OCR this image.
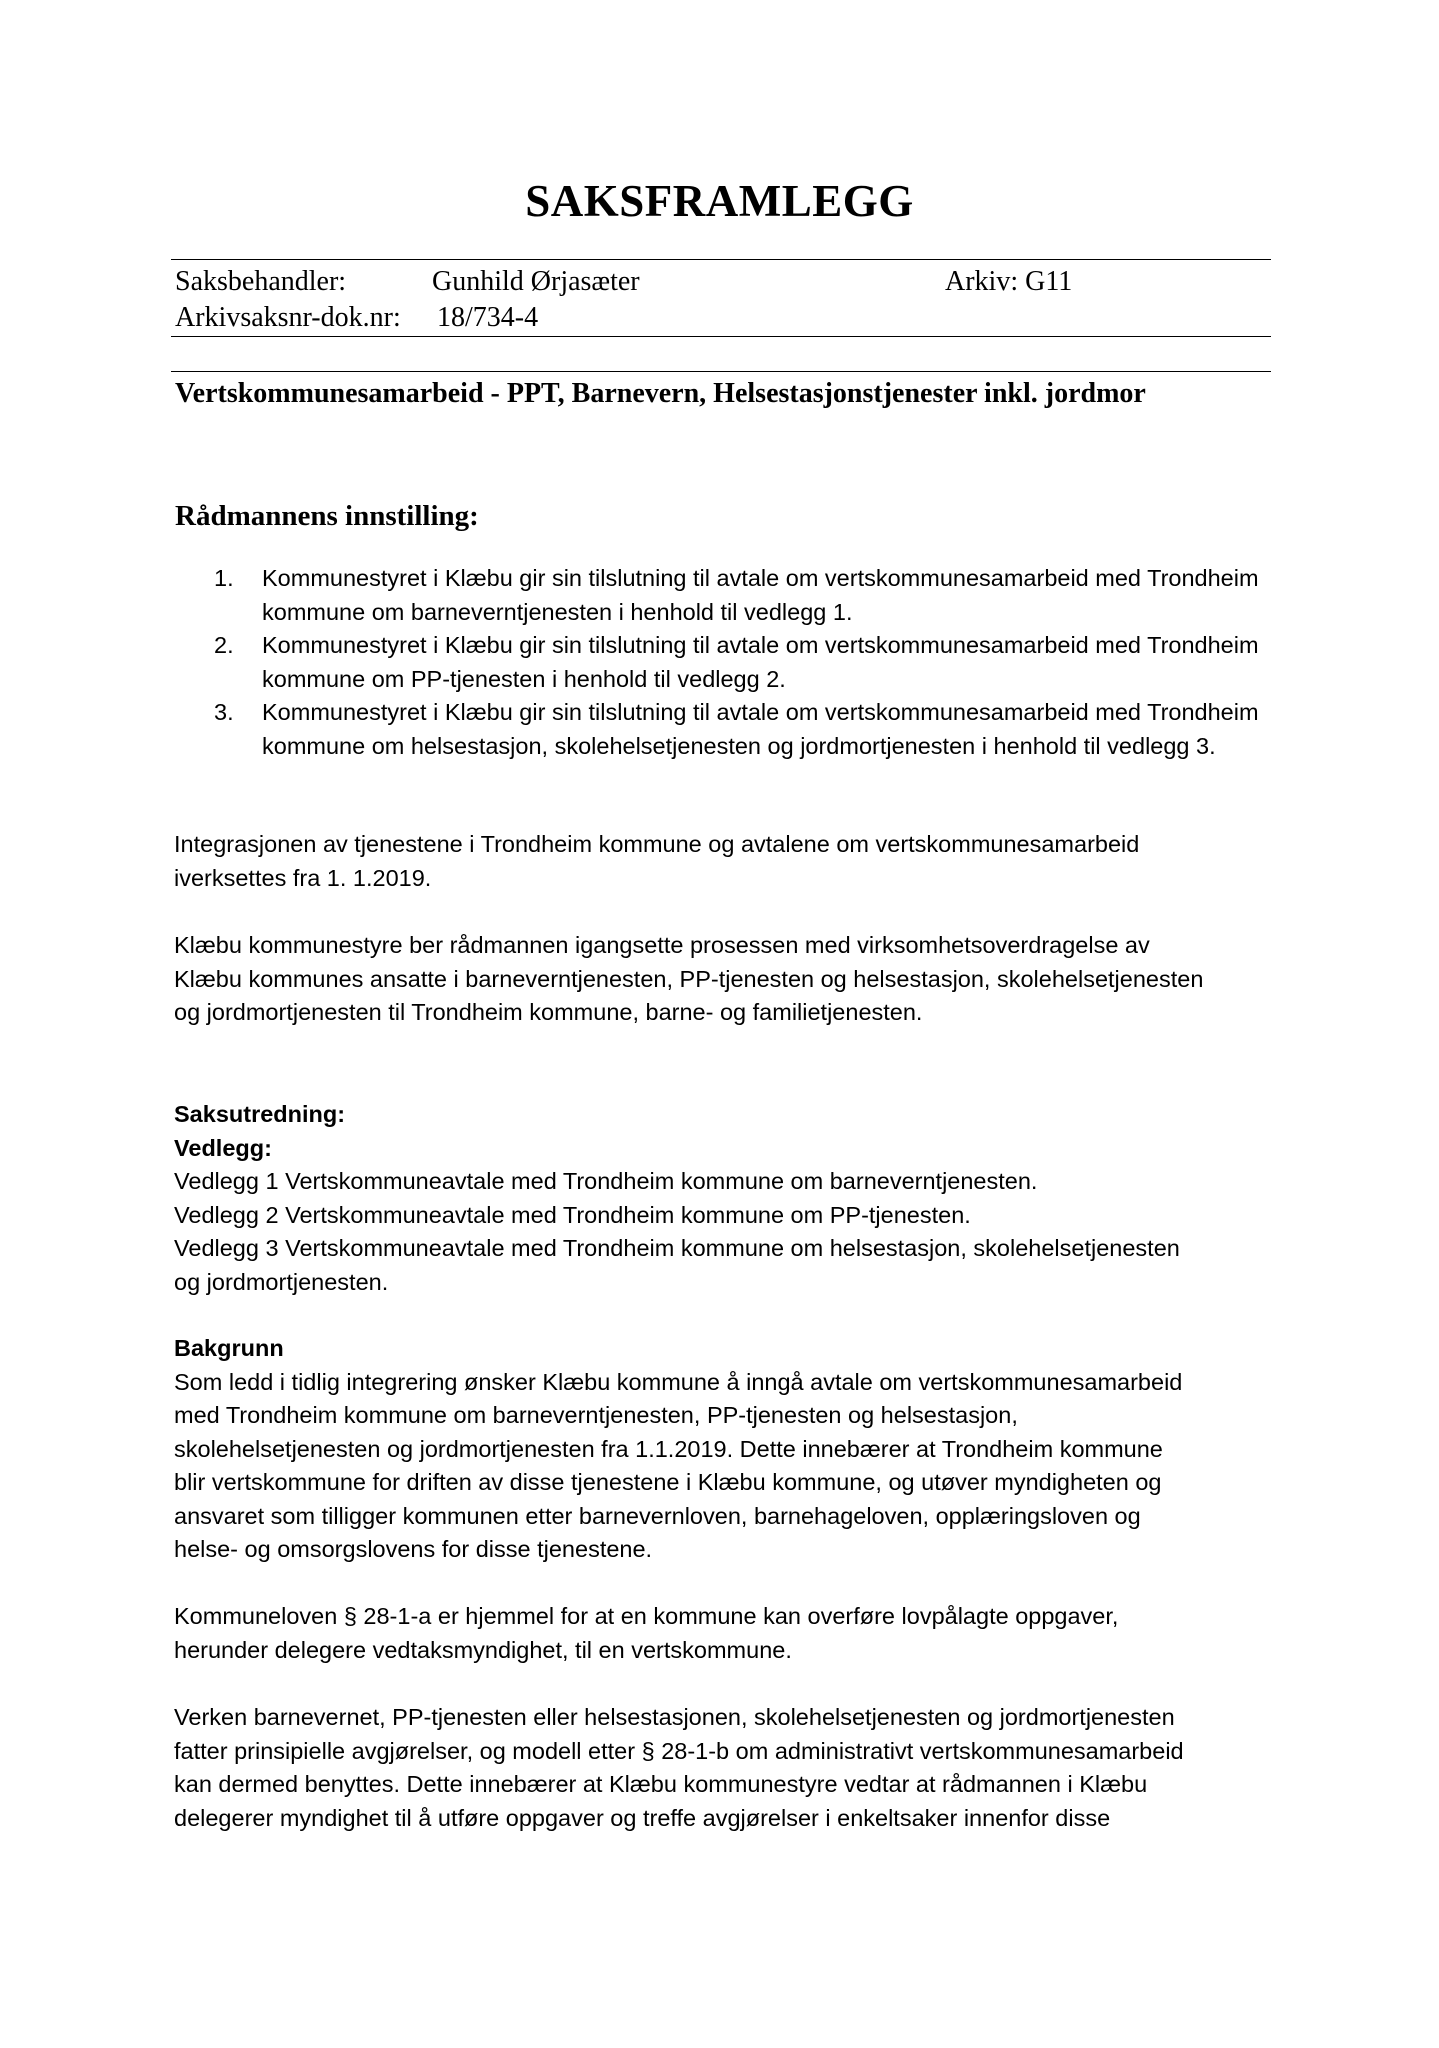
SAKSFRAMLEGG
Saksbehandler:	Gunhild Ørjasæter	Arkiv: G11
Arkivsaksnr-dok.nr: 18/734-4
Vertskommunesamarbeid - PPT, Barnevern, Helsestasjonstjenester inkl. jordmor
Rådmannens innstilling:
1. Kommunestyret i Klæbu gir sin tilslutning til avtale om vertskommunesamarbeid med Trondheim kommune om barneverntjenesten i henhold til vedlegg 1.
2. Kommunestyret i Klæbu gir sin tilslutning til avtale om vertskommunesamarbeid med Trondheim kommune om PP-tjenesten i henhold til vedlegg 2.
3. Kommunestyret i Klæbu gir sin tilslutning til avtale om vertskommunesamarbeid med Trondheim kommune om helsestasjon, skolehelsetjenesten og jordmortjenesten i henhold til vedlegg 3.

Integrasjonen av tjenestene i Trondheim kommune og avtalene om vertskommunesamarbeid

iverksettes fra 1. 1.2019.

Klæbu kommunestyre ber rådmannen igangsette prosessen med virksomhetsoverdragelse av

Klæbu kommunes ansatte i barneverntjenesten, PP-tjenesten og helsestasjon, skolehelsetjenesten

og jordmortjenesten til Trondheim kommune, barne- og familietjenesten.

Saksutredning:

Vedlegg:

Vedlegg 1 Vertskommuneavtale med Trondheim kommune om barneverntjenesten.

Vedlegg 2 Vertskommuneavtale med Trondheim kommune om PP-tjenesten.

Vedlegg 3 Vertskommuneavtale med Trondheim kommune om helsestasjon, skolehelsetjenesten

og jordmortjenesten.

Bakgrunn

Som ledd i tidlig integrering ønsker Klæbu kommune å inngå avtale om vertskommunesamarbeid

med Trondheim kommune om barneverntjenesten, PP-tjenesten og helsestasjon,

skolehelsetjenesten og jordmortjenesten fra 1.1.2019. Dette innebærer at Trondheim kommune

blir vertskommune for driften av disse tjenestene i Klæbu kommune, og utøver myndigheten og

ansvaret som tilligger kommunen etter barnevernloven, barnehageloven, opplæringsloven og

helse- og omsorgslovens for disse tjenestene.

Kommuneloven § 28-1-a er hjemmel for at en kommune kan overføre lovpålagte oppgaver,

herunder delegere vedtaksmyndighet, til en vertskommune.

Verken barnevernet, PP-tjenesten eller helsestasjonen, skolehelsetjenesten og jordmortjenesten

fatter prinsipielle avgjørelser, og modell etter § 28-1-b om administrativt vertskommunesamarbeid

kan dermed benyttes. Dette innebærer at Klæbu kommunestyre vedtar at rådmannen i Klæbu

delegerer myndighet til å utføre oppgaver og treffe avgjørelser i enkeltsaker innenfor disse
